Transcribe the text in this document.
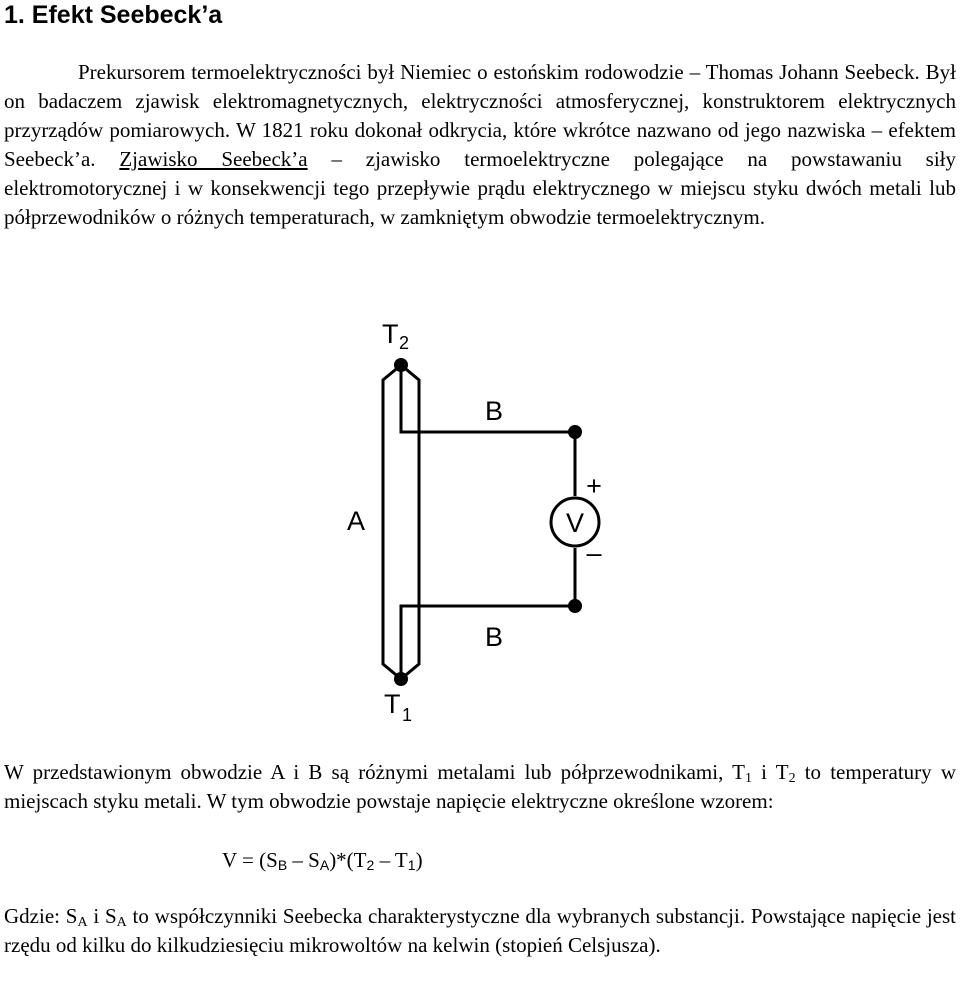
1. Efekt Seebeck’a

Prekursorem termoelektryczności był Niemiec o estońskim rodowodzie – Thomas Johann Seebeck. Był on badaczem zjawisk elektromagnetycznych, elektryczności atmosferycznej, konstruktorem elektrycznych przyrządów pomiarowych. W 1821 roku dokonał odkrycia, które wkrótce nazwano od jego nazwiska – efektem Seebeck’a. Zjawisko Seebeck’a – zjawisko termoelektryczne polegające na powstawaniu siły elektromotorycznej i w konsekwencji tego przepływie prądu elektrycznego w miejscu styku dwóch metali lub półprzewodników o różnych temperaturach, w zamkniętym obwodzie termoelektrycznym.

T 2
T 1
A
B
B
V
+
–

W przedstawionym obwodzie A i B są różnymi metalami lub półprzewodnikami, $T_1$ i $T_2$ to temperatury w miejscach styku metali. W tym obwodzie powstaje napięcie elektryczne określone wzorem:

$V = (S_B - S_A)*(T_2 - T_1)$

Gdzie: $S_A$ i $S_A$ to współczynniki Seebecka charakterystyczne dla wybranych substancji. Powstające napięcie jest rzędu od kilku do kilkudziesięciu mikrowoltów na kelwin (stopień Celsjusza).
